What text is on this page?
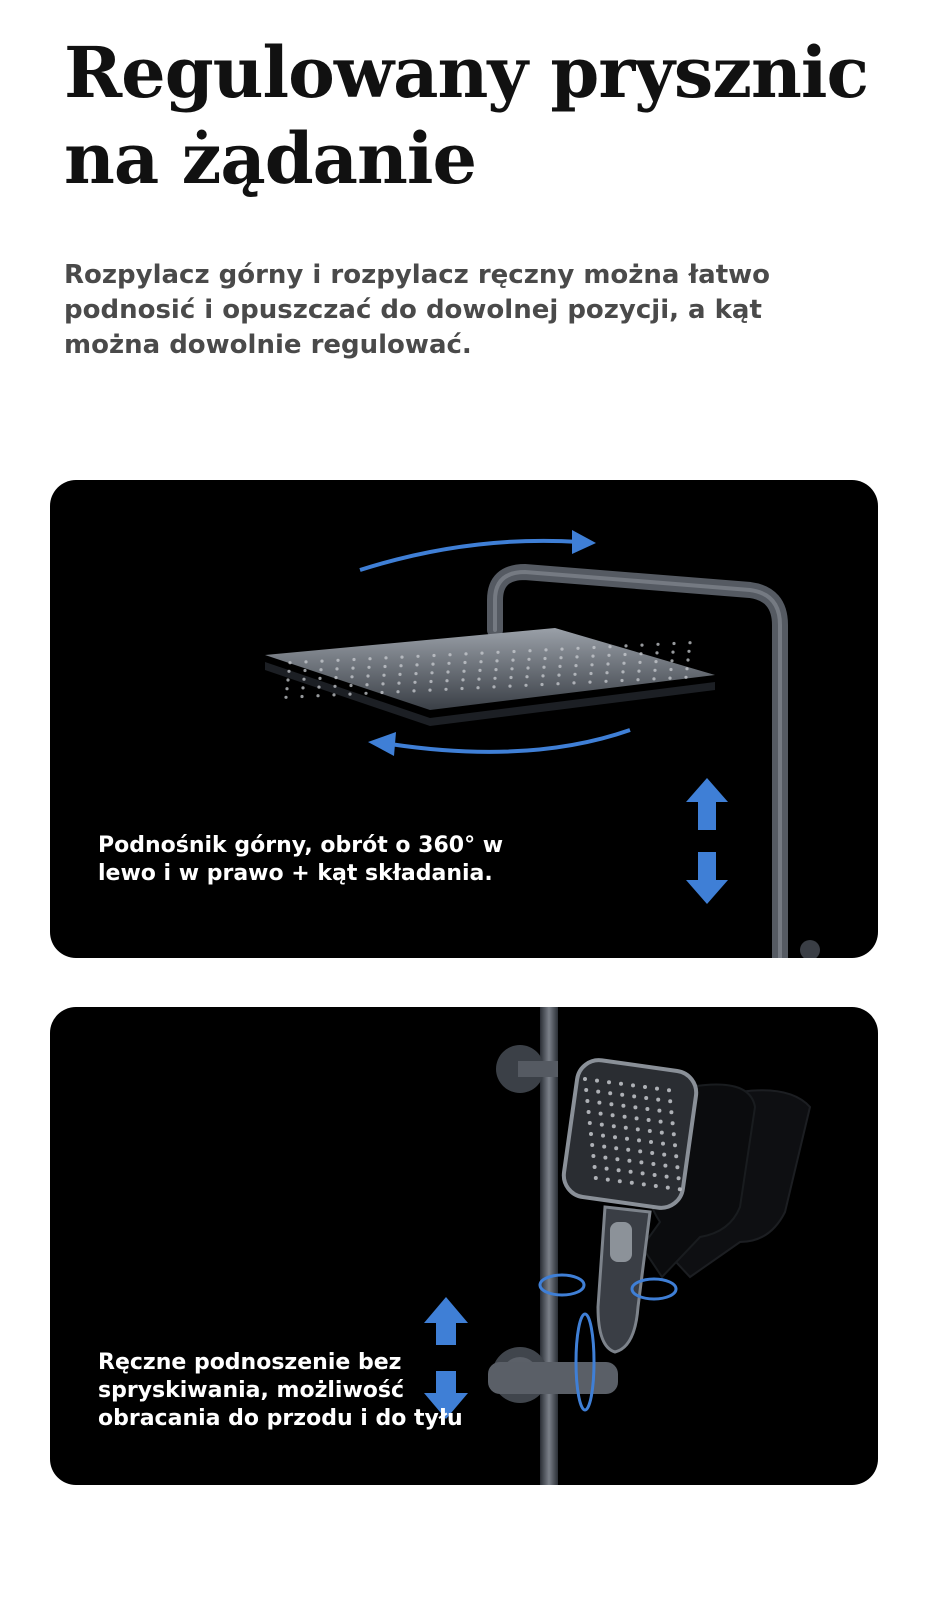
Regulowany prysznic na żądanie

Rozpylacz górny i rozpylacz ręczny można łatwo podnosić i opuszczać do dowolnej pozycji, a kąt można dowolnie regulować.

Podnośnik górny, obrót o 360° w lewo i w prawo + kąt składania.

Ręczne podnoszenie bez spryskiwania, możliwość obracania do przodu i do tyłu
